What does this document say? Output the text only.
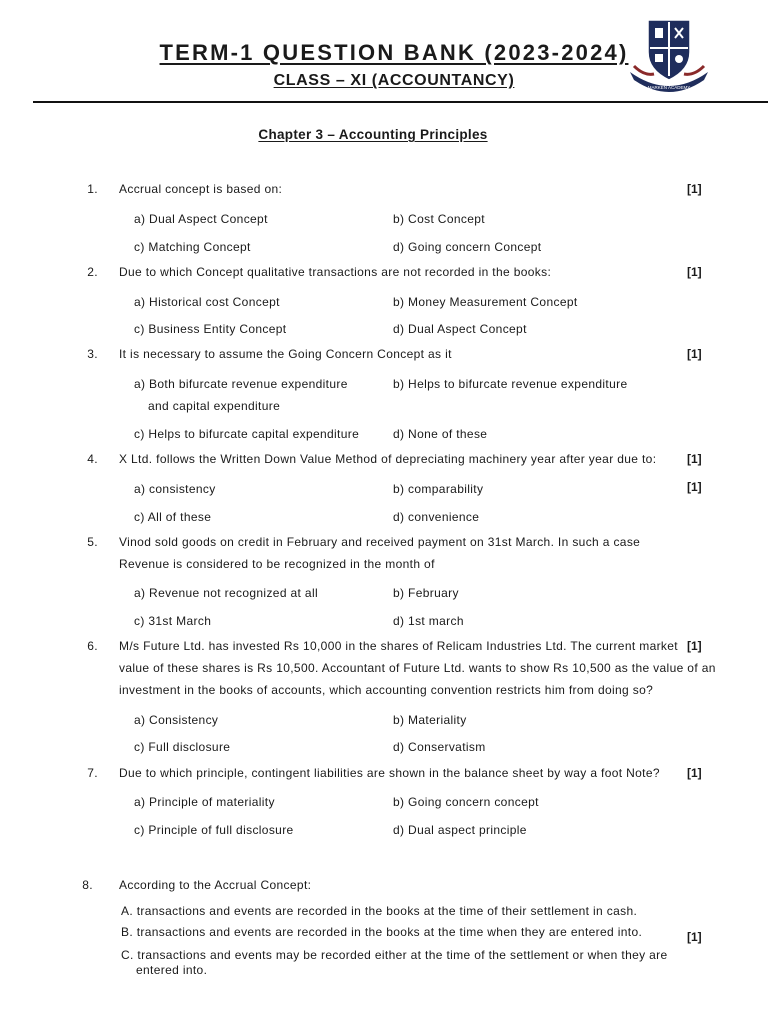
TERM-1 QUESTION BANK (2023-2024)
CLASS – XI (ACCOUNTANCY)	MARKEN ACADEMY
Chapter 3 – Accounting Principles
1. Accrual concept is based on:	[1]
a) Dual Aspect Concept	b) Cost Concept
c) Matching Concept	d) Going concern Concept
2. Due to which Concept qualitative transactions are not recorded in the books:	[1]
a) Historical cost Concept	b) Money Measurement Concept
c) Business Entity Concept	d) Dual Aspect Concept
3. It is necessary to assume the Going Concern Concept as it	[1]
a) Both bifurcate revenue expenditure
and capital expenditure
b) Helps to bifurcate revenue expenditure
c) Helps to bifurcate capital expenditure	d) None of these
4. X Ltd. follows the Written Down Value Method of depreciating machinery year after year due to:	[1]
[1]
a) consistency	b) comparability
c) All of these	d) convenience
5. Vinod sold goods on credit in February and received payment on 31st March. In such a case
Revenue is considered to be recognized in the month of
a) Revenue not recognized at all	b) February
c) 31st March	d) 1st march
6. M/s Future Ltd. has invested Rs 10,000 in the shares of Relicam Industries Ltd. The current market
value of these shares is Rs 10,500. Accountant of Future Ltd. wants to show Rs 10,500 as the value of an
investment in the books of accounts, which accounting convention restricts him from doing so?
[1]
a) Consistency	b) Materiality
c) Full disclosure	d) Conservatism
7. Due to which principle, contingent liabilities are shown in the balance sheet by way a foot Note? [1]
a) Principle of materiality	b) Going concern concept
c) Principle of full disclosure	d) Dual aspect principle
8. According to the Accrual Concept:
A. transactions and events are recorded in the books at the time of their settlement in cash.
B. transactions and events are recorded in the books at the time when they are entered into.
C. transactions and events may be recorded either at the time of the settlement or when they are
entered into.
[1]
